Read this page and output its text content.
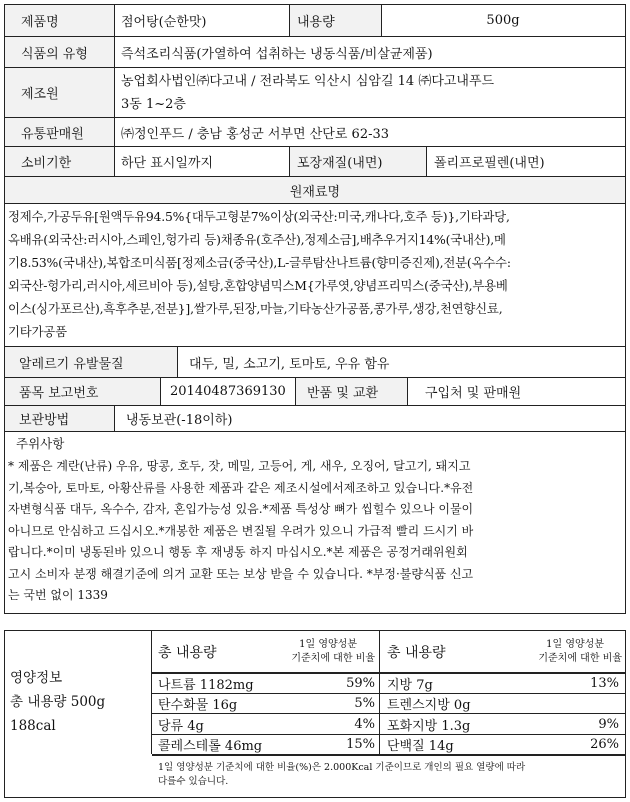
제품명	점어탕(순한맛)	내용량	500g
식품의 유형	즉석조리식품(가열하여 섭취하는 냉동식품/비살균제품)
제조원
농업회사법인㈜다고내 / 전라북도 익산시 심암길 14 ㈜다고내푸드
3동 1~2층
유통판매원	㈜정인푸드 / 충남 홍성군 서부면 산단로 62-33
소비기한	하단 표시일까지	포장재질(내면)	폴리프로필렌(내면)
원재료명
정제수,가공두유[원액두유94.5%{대두고형분7%이상(외국산:미국,캐나다,호주 등)},기타과당,
옥배유(외국산:러시아,스페인,헝가리 등)채종유(호주산),정제소금],배추우거지14%(국내산),메
기8.53%(국내산),복합조미식품[정제소금(중국산),L-글루탐산나트륨(향미증진제),전분(옥수수:
외국산-헝가리,러시아,세르비아 등),설탕,혼합양념믹스M{가루엿,양념프리믹스(중국산),부용베
이스(싱가포르산),흑후추분,전분}],쌀가루,된장,마늘,기타농산가공품,콩가루,생강,천연향신료,
기타가공품
알레르기 유발물질	대두, 밀, 소고기, 토마토, 우유 함유
품목 보고번호	20140487369130 반품 및 교환	구입처 및 판매원
보관방법	냉동보관(-18이하)
주위사항
* 제품은 계란(난류) 우유, 땅콩, 호두, 잣, 메밀, 고등어, 게, 새우, 오징어, 달고기, 돼지고
기,복숭아, 토마토, 아황산류를 사용한 제품과 같은 제조시설에서제조하고 있습니다.*유전
자변형식품 대두, 옥수수, 감자, 혼입가능성 있음.*제품 특성상 뼈가 씹힐수 있으나 이물이
아니므로 안심하고 드십시오.*개봉한 제품은 변질될 우려가 있으니 가급적 빨리 드시기 바
랍니다.*이미 냉동된바 있으니 행동 후 재냉동 하지 마십시오.*본 제품은 공정거래위원회
고시 소비자 분쟁 해결기준에 의거 교환 또는 보상 받을 수 있습니다. *부정·불량식품 신고
는 국번 없이 1339
영양정보
총 내용량 500g
188cal
총 내용량
1일 영양성분
기준치에 대한 비율 총 내용량
1일 영양성분
기준치에 대한 비율
나트륨 1182mg	59%
탄수화물 16g	5%
당류 4g	4%
콜레스테롤 46mg	15%
지방 7g	13%
트렌스지방 0g
포화지방 1.3g	9%
단백질 14g	26%
1일 영양성분 기준치에 대한 비율(%)은 2.000Kcal 기준이므로 개인의 필요 열량에 따라
다를수 있습니다.
